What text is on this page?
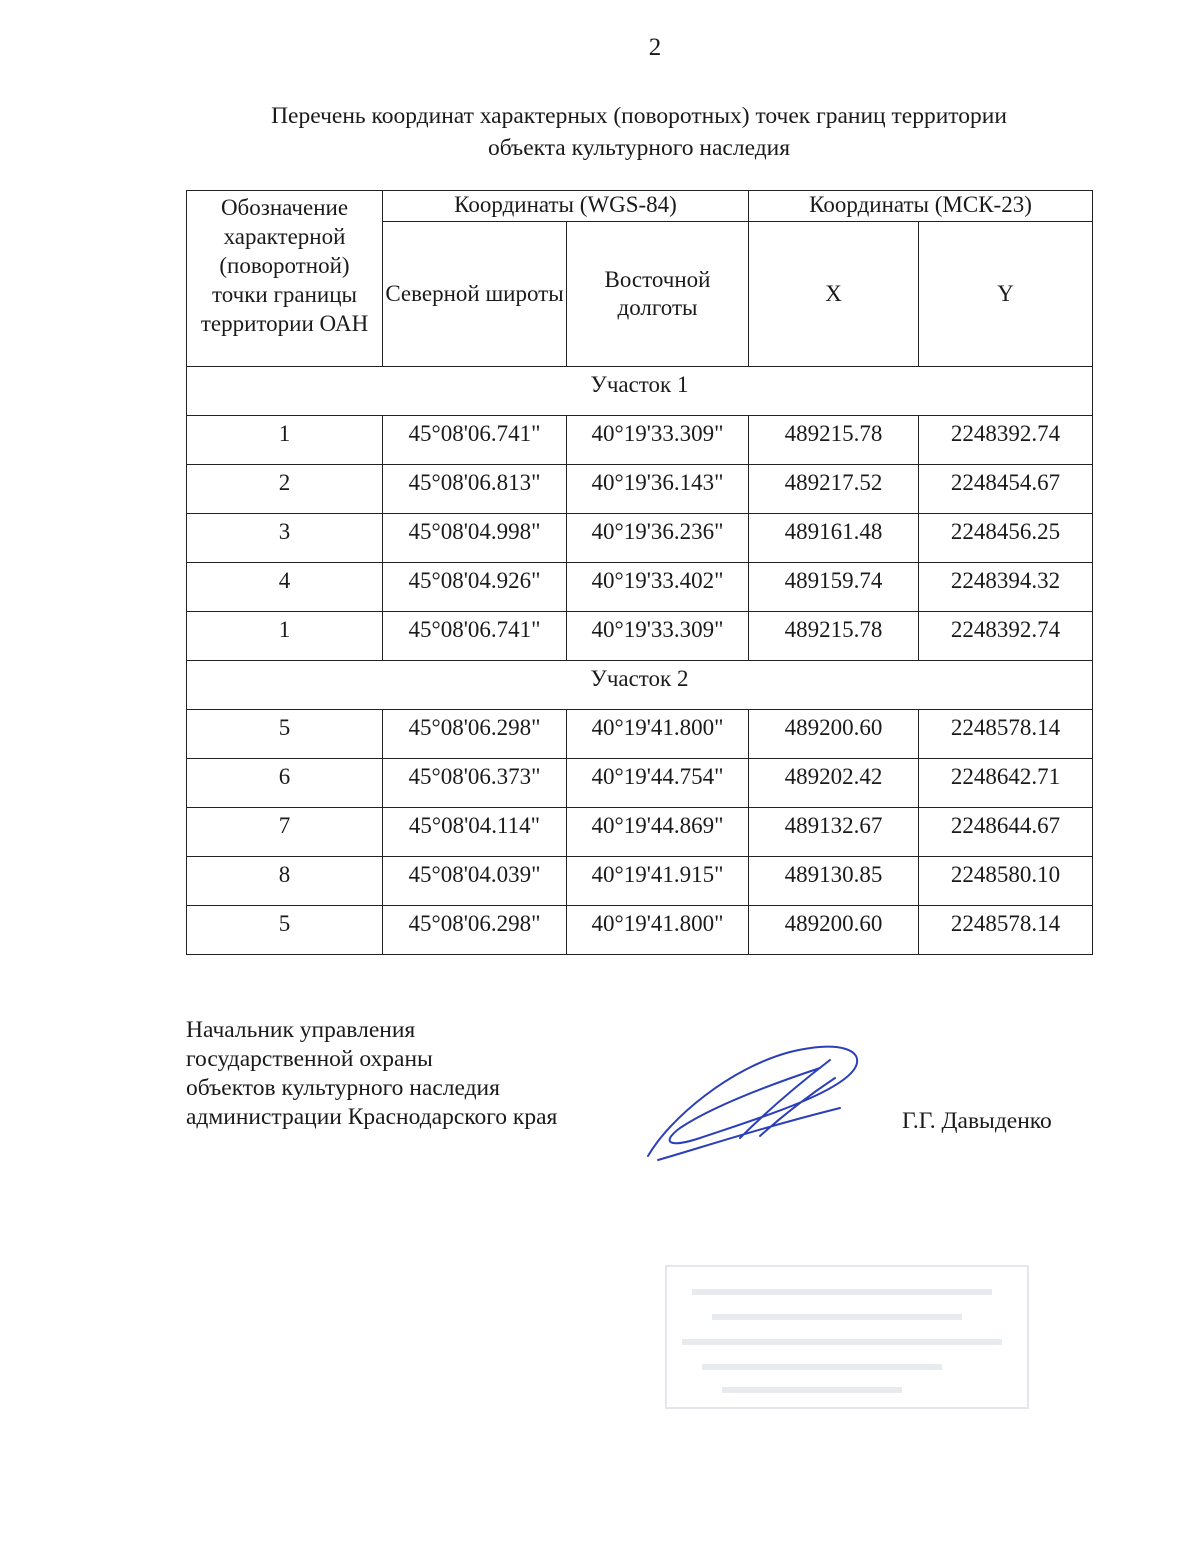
2
Перечень координат характерных (поворотных) точек границ территории
объекта культурного наследия
Обозначение характерной (поворотной) точки границы территории ОАН	Координаты (WGS-84)		Координаты (МСК-23)	
	Северной широты	Восточной долготы	X	Y
Участок 1				
1	45°08'06.741"	40°19'33.309"	489215.78	2248392.74
2	45°08'06.813"	40°19'36.143"	489217.52	2248454.67
3	45°08'04.998"	40°19'36.236"	489161.48	2248456.25
4	45°08'04.926"	40°19'33.402"	489159.74	2248394.32
1	45°08'06.741"	40°19'33.309"	489215.78	2248392.74
Участок 2				
5	45°08'06.298"	40°19'41.800"	489200.60	2248578.14
6	45°08'06.373"	40°19'44.754"	489202.42	2248642.71
7	45°08'04.114"	40°19'44.869"	489132.67	2248644.67
8	45°08'04.039"	40°19'41.915"	489130.85	2248580.10
5	45°08'06.298"	40°19'41.800"	489200.60	2248578.14
Начальник управления
государственной охраны
объектов культурного наследия
администрации Краснодарского края	Г.Г. Давыденко
